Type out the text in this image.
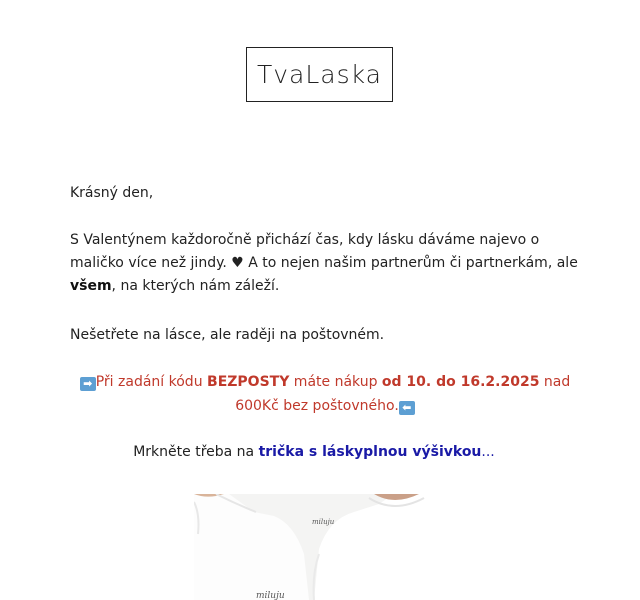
TvaLaska
Krásný den,
S Valentýnem každoročně přichází čas, kdy lásku dáváme najevo o maličko více než jindy. ♥ A to nejen našim partnerům či partnerkám, ale všem, na kterých nám záleží.
Nešetřete na lásce, ale raději na poštovném.
➡ Při zadání kódu BEZPOSTY máte nákup od 10. do 16.2.2025 nad 600Kč bez poštovného. ⬅
Mrkněte třeba na trička s láskyplnou výšivkou...
miluju
miluju
